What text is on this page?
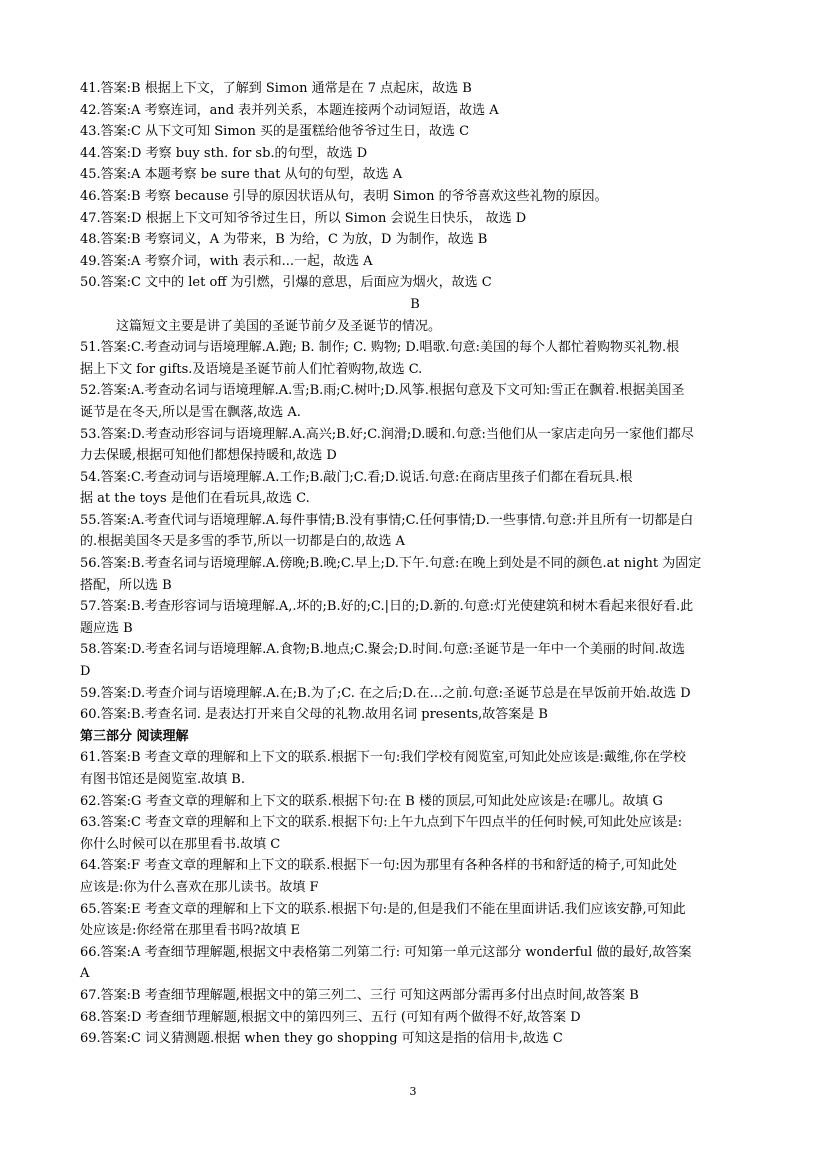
41.答案:B 根据上下文，了解到 Simon 通常是在 7 点起床，故选 B
42.答案:A 考察连词，and 表并列关系，本题连接两个动词短语，故选 A
43.答案:C 从下文可知 Simon 买的是蛋糕给他爷爷过生日，故选 C
44.答案:D 考察 buy sth. for sb.的句型，故选 D
45.答案:A 本题考察 be sure that 从句的句型，故选 A
46.答案:B 考察 because 引导的原因状语从句，表明 Simon 的爷爷喜欢这些礼物的原因。
47.答案:D 根据上下文可知爷爷过生日，所以 Simon 会说生日快乐， 故选 D
48.答案:B 考察词义，A 为带来，B 为给，C 为放，D 为制作，故选 B
49.答案:A 考察介词，with 表示和...一起，故选 A
50.答案:C 文中的 let off 为引燃，引爆的意思，后面应为烟火，故选 C
B
这篇短文主要是讲了美国的圣诞节前夕及圣诞节的情况。
51.答案:C.考查动词与语境理解.A.跑; B. 制作; C. 购物; D.唱歌.句意:美国的每个人都忙着购物买礼物.根
据上下文 for gifts.及语境是圣诞节前人们忙着购物,故选 C.
52.答案:A.考查动名词与语境理解.A.雪;B.雨;C.树叶;D.风筝.根据句意及下文可知:雪正在飘着.根据美国圣
诞节是在冬天,所以是雪在飘落,故选 A.
53.答案:D.考查动形容词与语境理解.A.高兴;B.好;C.润滑;D.暖和.句意:当他们从一家店走向另一家他们都尽
力去保暖,根据可知他们都想保持暖和,故选 D
54.答案:C.考查动词与语境理解.A.工作;B.敲门;C.看;D.说话.句意:在商店里孩子们都在看玩具.根
据 at the toys 是他们在看玩具,故选 C.
55.答案:A.考查代词与语境理解.A.每件事情;B.没有事情;C.任何事情;D.一些事情.句意:并且所有一切都是白
的.根据美国冬天是多雪的季节,所以一切都是白的,故选 A
56.答案:B.考查名词与语境理解.A.傍晚;B.晚;C.早上;D.下午.句意:在晚上到处是不同的颜色.at night 为固定
搭配，所以选 B
57.答案:B.考查形容词与语境理解.A,.坏的;B.好的;C.|日的;D.新的.句意:灯光使建筑和树木看起来很好看.此
题应选 B
58.答案:D.考查名词与语境理解.A.食物;B.地点;C.聚会;D.时间.句意:圣诞节是一年中一个美丽的时间.故选
D
59.答案:D.考查介词与语境理解.A.在;B.为了;C. 在之后;D.在…之前.句意:圣诞节总是在早饭前开始.故选 D
60.答案:B.考查名词. 是表达打开来自父母的礼物.故用名词 presents,故答案是 B
第三部分 阅读理解
61.答案:B 考查文章的理解和上下文的联系.根据下一句:我们学校有阅览室,可知此处应该是:戴维,你在学校
有图书馆还是阅览室.故填 B.
62.答案:G 考查文章的理解和上下文的联系.根据下句:在 B 楼的顶层,可知此处应该是:在哪儿。故填 G
63.答案:C 考查文章的理解和上下文的联系.根据下句:上午九点到下午四点半的任何时候,可知此处应该是:
你什么时候可以在那里看书.故填 C
64.答案:F 考查文章的理解和上下文的联系.根据下一句:因为那里有各种各样的书和舒适的椅子,可知此处
应该是:你为什么喜欢在那儿读书。故填 F
65.答案:E 考查文章的理解和上下文的联系.根据下句:是的,但是我们不能在里面讲话.我们应该安静,可知此
处应该是:你经常在那里看书吗?故填 E
66.答案:A 考查细节理解题,根据文中表格第二列第二行: 可知第一单元这部分 wonderful 做的最好,故答案
A
67.答案:B 考查细节理解题,根据文中的第三列二、三行 可知这两部分需再多付出点时间,故答案 B
68.答案:D 考查细节理解题,根据文中的第四列三、五行 (可知有两个做得不好,故答案 D
69.答案:C 词义猜测题.根据 when they go shopping 可知这是指的信用卡,故选 C
3
